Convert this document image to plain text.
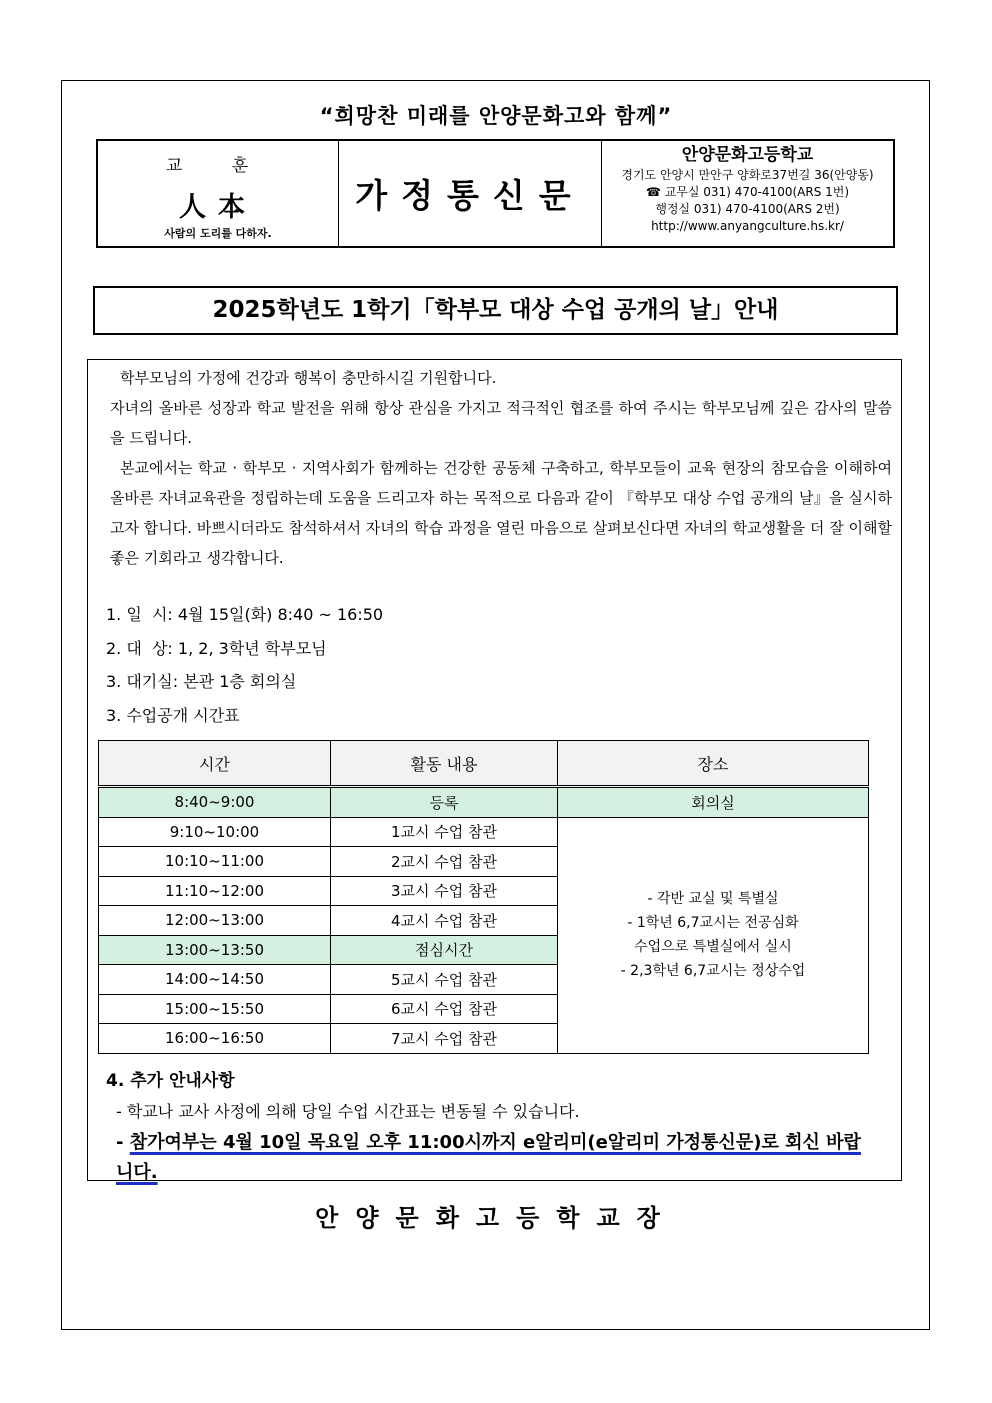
“희망찬 미래를 안양문화고와 함께”
교 훈
人本
사람의 도리를 다하자.
가정통신문
안양문화고등학교
경기도 안양시 만안구 양화로37번길 36(안양동)
☎ 교무실 031) 470-4100(ARS 1번)
행정실 031) 470-4100(ARS 2번)
http://www.anyangculture.hs.kr/
2025학년도 1학기「학부모 대상 수업 공개의 날」안내

학부모님의 가정에 건강과 행복이 충만하시길 기원합니다.

자녀의 올바른 성장과 학교 발전을 위해 항상 관심을 가지고 적극적인 협조를 하여 주시는 학부모님께 깊은 감사의 말씀을 드립니다.

본교에서는 학교 · 학부모 · 지역사회가 함께하는 건강한 공동체 구축하고, 학부모들이 교육 현장의 참모습을 이해하여 올바른 자녀교육관을 정립하는데 도움을 드리고자 하는 목적으로 다음과 같이 『학부모 대상 수업 공개의 날』을 실시하고자 합니다. 바쁘시더라도 참석하셔서 자녀의 학습 과정을 열린 마음으로 살펴보신다면 자녀의 학교생활을 더 잘 이해할 좋은 기회라고 생각합니다.

1. 일  시: 4월 15일(화) 8:40 ~ 16:50
2. 대  상: 1, 2, 3학년 학부모님
3. 대기실: 본관 1층 회의실
3. 수업공개 시간표
시간	활동 내용	장소
8:40~9:00	등록	회의실
9:10~10:00	1교시 수업 참관	- 각반 교실 및 특별실
- 1학년 6,7교시는 전공심화
수업으로 특별실에서 실시
- 2,3학년 6,7교시는 정상수업

10:10~11:00	2교시 수업 참관	
11:10~12:00	3교시 수업 참관	
12:00~13:00	4교시 수업 참관	
13:00~13:50	점심시간	
14:00~14:50	5교시 수업 참관	
15:00~15:50	6교시 수업 참관	
16:00~16:50	7교시 수업 참관	
4. 추가 안내사항
- 학교나 교사 사정에 의해 당일 수업 시간표는 변동될 수 있습니다.
- 참가여부는 4월 10일 목요일 오후 11:00시까지 e알리미(e알리미 가정통신문)로 회신 바랍니다.
안양문화고등학교장
